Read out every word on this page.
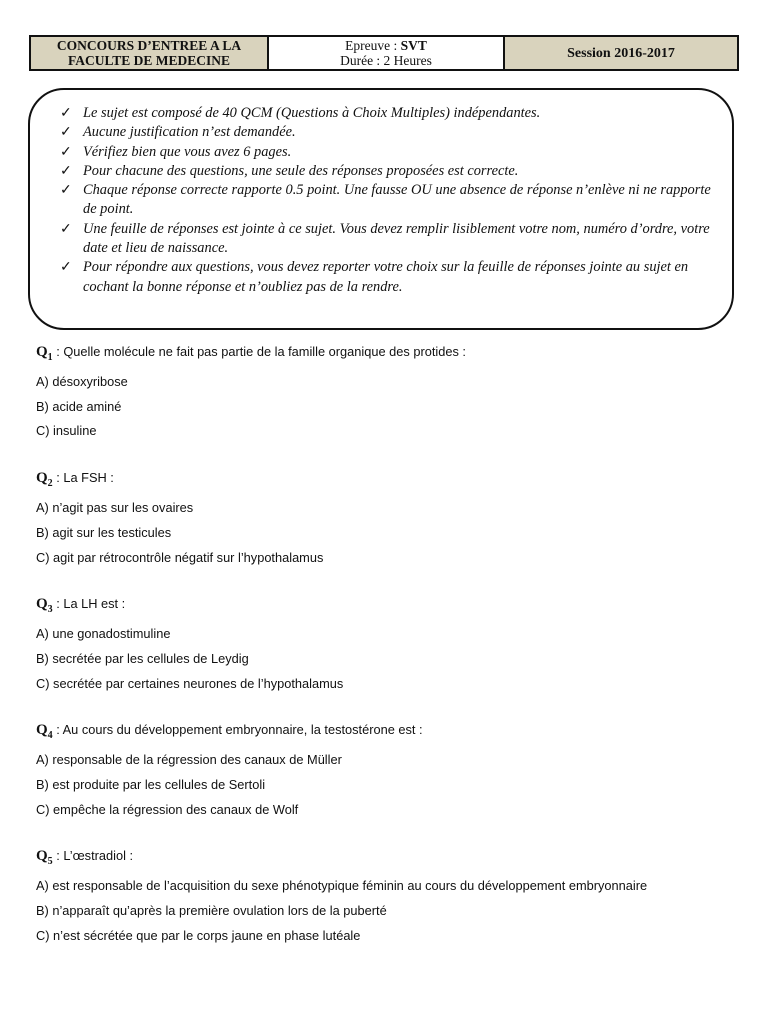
CONCOURS D’ENTREE A LA
FACULTE DE MEDECINE
Epreuve : SVT
Durée : 2 Heures	Session 2016-2017
✓ Le sujet est composé de 40 QCM (Questions à Choix Multiples) indépendantes.
✓ Aucune justification n’est demandée.
✓ Vérifiez bien que vous avez 6 pages.
✓ Pour chacune des questions, une seule des réponses proposées est correcte.
✓ Chaque réponse correcte rapporte 0.5 point. Une fausse OU une absence de réponse n’enlève ni ne rapporte de point.
✓ Une feuille de réponses est jointe à ce sujet. Vous devez remplir lisiblement votre nom, numéro d’ordre, votre date et lieu de naissance.
✓ Pour répondre aux questions, vous devez reporter votre choix sur la feuille de réponses jointe au sujet en cochant la bonne réponse et n’oubliez pas de la rendre.
$Q_1$ : Quelle molécule ne fait pas partie de la famille organique des protides :
A) désoxyribose
B) acide aminé
C) insuline
$Q_2$ : La FSH :
A) n’agit pas sur les ovaires
B) agit sur les testicules
C) agit par rétrocontrôle négatif sur l’hypothalamus
$Q_3$ : La LH est :
A) une gonadostimuline
B) secrétée par les cellules de Leydig
C) secrétée par certaines neurones de l’hypothalamus
$Q_4$ : Au cours du développement embryonnaire, la testostérone est :
A) responsable de la régression des canaux de Müller
B) est produite par les cellules de Sertoli
C) empêche la régression des canaux de Wolf
$Q_5$ : L’œstradiol :
A) est responsable de l’acquisition du sexe phénotypique féminin au cours du développement embryonnaire
B) n’apparaît qu’après la première ovulation lors de la puberté
C) n’est sécrétée que par le corps jaune en phase lutéale
